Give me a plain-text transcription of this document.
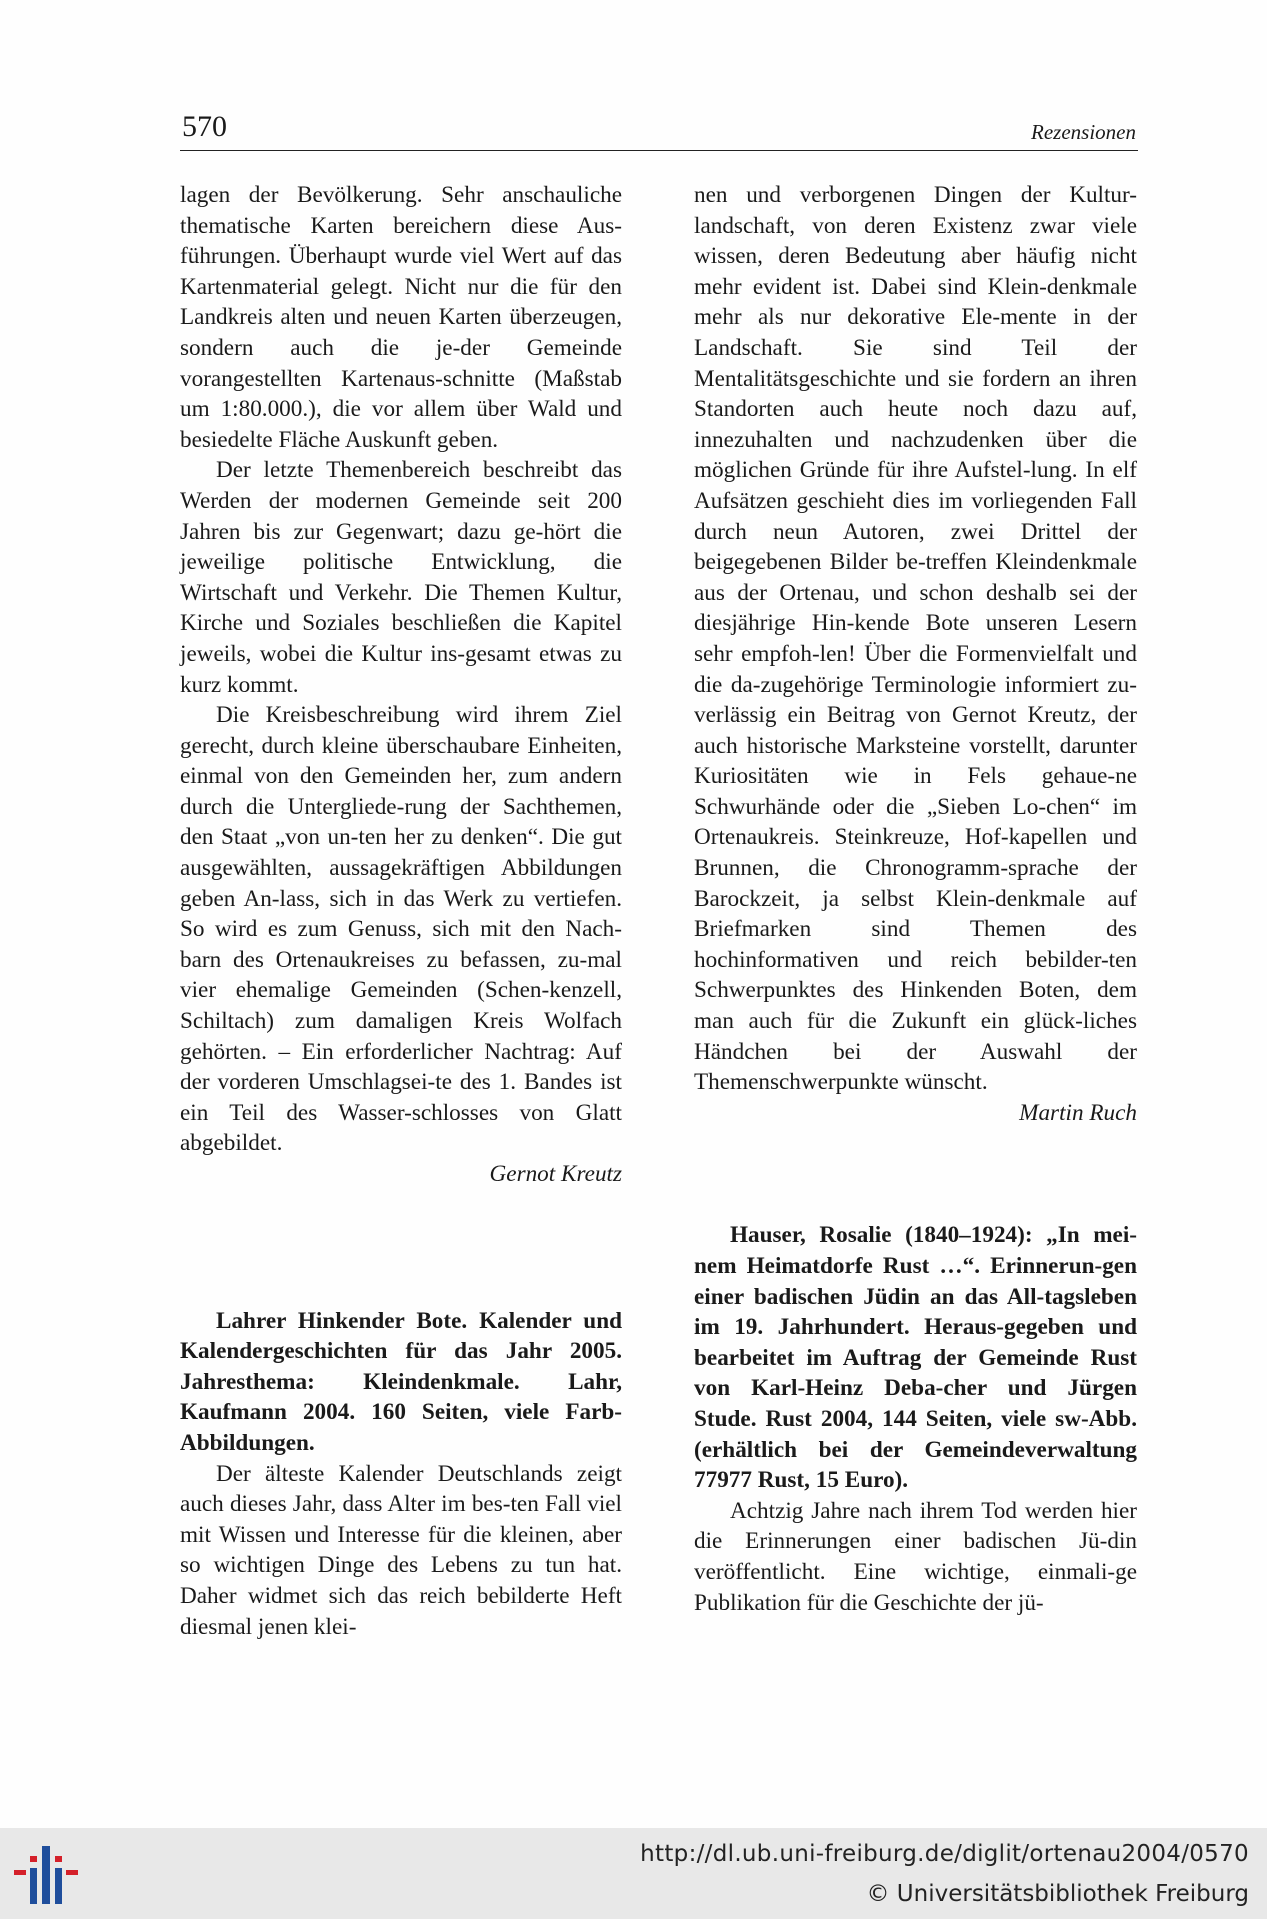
570	Rezensionen

lagen der Bevölkerung. Sehr anschauliche thematische Karten bereichern diese Aus-führungen. Überhaupt wurde viel Wert auf das Kartenmaterial gelegt. Nicht nur die für den Landkreis alten und neuen Karten überzeugen, sondern auch die je-der Gemeinde vorangestellten Kartenaus-schnitte (Maßstab um 1:80.000.), die vor allem über Wald und besiedelte Fläche Auskunft geben.

Der letzte Themenbereich beschreibt das Werden der modernen Gemeinde seit 200 Jahren bis zur Gegenwart; dazu ge-hört die jeweilige politische Entwicklung, die Wirtschaft und Verkehr. Die Themen Kultur, Kirche und Soziales beschließen die Kapitel jeweils, wobei die Kultur ins-gesamt etwas zu kurz kommt.

Die Kreisbeschreibung wird ihrem Ziel gerecht, durch kleine überschaubare Einheiten, einmal von den Gemeinden her, zum andern durch die Untergliede-rung der Sachthemen, den Staat „von un-ten her zu denken“. Die gut ausgewählten, aussagekräftigen Abbildungen geben An-lass, sich in das Werk zu vertiefen. So wird es zum Genuss, sich mit den Nach-barn des Ortenaukreises zu befassen, zu-mal vier ehemalige Gemeinden (Schen-kenzell, Schiltach) zum damaligen Kreis Wolfach gehörten. – Ein erforderlicher Nachtrag: Auf der vorderen Umschlagsei-te des 1. Bandes ist ein Teil des Wasser-schlosses von Glatt abgebildet.

Gernot Kreutz

Lahrer Hinkender Bote. Kalender und Kalendergeschichten für das Jahr 2005. Jahresthema: Kleindenkmale. Lahr, Kaufmann 2004. 160 Seiten, viele Farb-Abbildungen.

Der älteste Kalender Deutschlands zeigt auch dieses Jahr, dass Alter im bes-ten Fall viel mit Wissen und Interesse für die kleinen, aber so wichtigen Dinge des Lebens zu tun hat. Daher widmet sich das reich bebilderte Heft diesmal jenen klei-

nen und verborgenen Dingen der Kultur-landschaft, von deren Existenz zwar viele wissen, deren Bedeutung aber häufig nicht mehr evident ist. Dabei sind Klein-denkmale mehr als nur dekorative Ele-mente in der Landschaft. Sie sind Teil der Mentalitätsgeschichte und sie fordern an ihren Standorten auch heute noch dazu auf, innezuhalten und nachzudenken über die möglichen Gründe für ihre Aufstel-lung. In elf Aufsätzen geschieht dies im vorliegenden Fall durch neun Autoren, zwei Drittel der beigegebenen Bilder be-treffen Kleindenkmale aus der Ortenau, und schon deshalb sei der diesjährige Hin-kende Bote unseren Lesern sehr empfoh-len! Über die Formenvielfalt und die da-zugehörige Terminologie informiert zu-verlässig ein Beitrag von Gernot Kreutz, der auch historische Marksteine vorstellt, darunter Kuriositäten wie in Fels gehaue-ne Schwurhände oder die „Sieben Lo-chen“ im Ortenaukreis. Steinkreuze, Hof-kapellen und Brunnen, die Chronogramm-sprache der Barockzeit, ja selbst Klein-denkmale auf Briefmarken sind Themen des hochinformativen und reich bebilder-ten Schwerpunktes des Hinkenden Boten, dem man auch für die Zukunft ein glück-liches Händchen bei der Auswahl der Themenschwerpunkte wünscht.

Martin Ruch

Hauser, Rosalie (1840–1924): „In mei-nem Heimatdorfe Rust …“. Erinnerun-gen einer badischen Jüdin an das All-tagsleben im 19. Jahrhundert. Heraus-gegeben und bearbeitet im Auftrag der Gemeinde Rust von Karl-Heinz Deba-cher und Jürgen Stude. Rust 2004, 144 Seiten, viele sw-Abb. (erhältlich bei der Gemeindeverwaltung 77977 Rust, 15 Euro).

Achtzig Jahre nach ihrem Tod werden hier die Erinnerungen einer badischen Jü-din veröffentlicht. Eine wichtige, einmali-ge Publikation für die Geschichte der jü-

http://dl.ub.uni-freiburg.de/diglit/ortenau2004/0570
© Universitätsbibliothek Freiburg
